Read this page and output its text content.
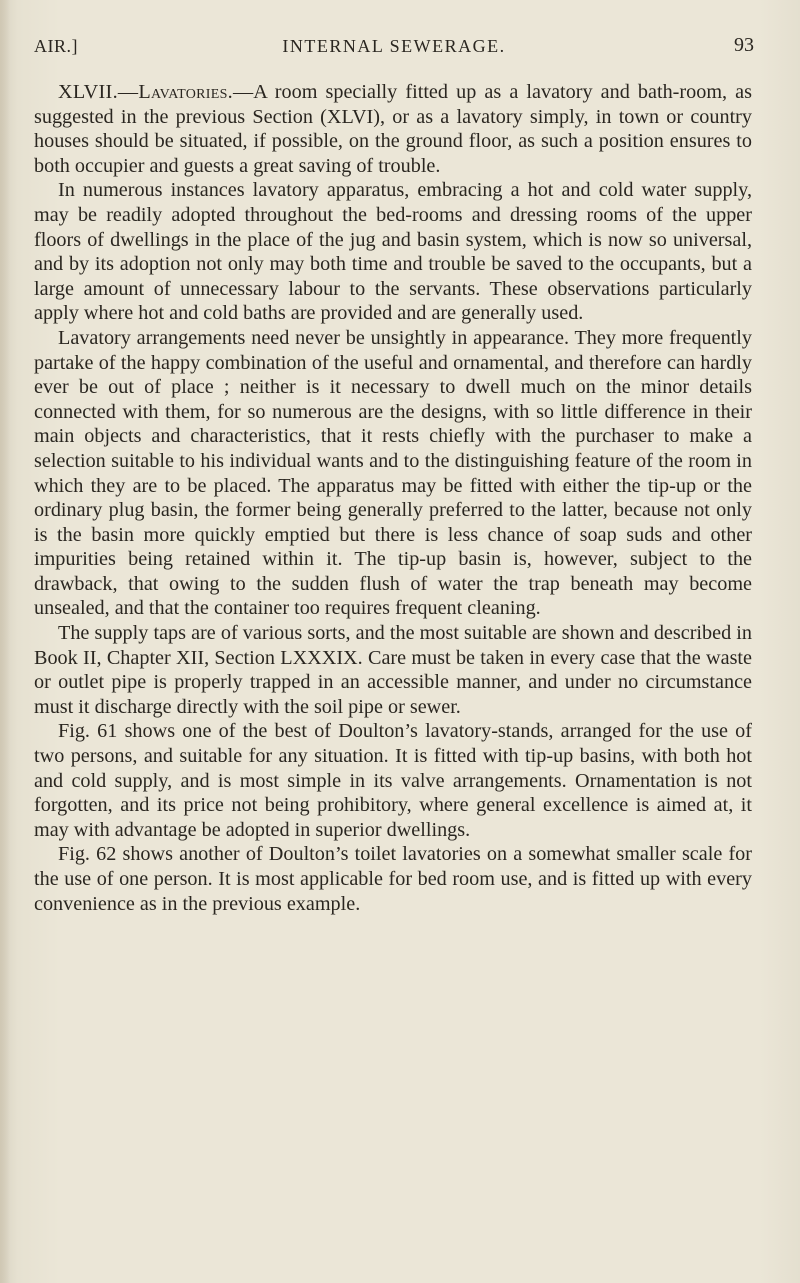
AIR.]	INTERNAL SEWERAGE.	93

XLVII.—Lavatories.—A room specially fitted up as a lavatory and bath-room, as suggested in the previous Section (XLVI), or as a lavatory simply, in town or country houses should be situated, if possible, on the ground floor, as such a position ensures to both occupier and guests a great saving of trouble.

In numerous instances lavatory apparatus, embracing a hot and cold water supply, may be readily adopted throughout the bed-rooms and dressing rooms of the upper floors of dwellings in the place of the jug and basin system, which is now so universal, and by its adoption not only may both time and trouble be saved to the occupants, but a large amount of unnecessary labour to the servants. These observations particularly apply where hot and cold baths are provided and are generally used.

Lavatory arrangements need never be unsightly in appearance. They more frequently partake of the happy combination of the useful and ornamental, and therefore can hardly ever be out of place ; neither is it necessary to dwell much on the minor details connected with them, for so numerous are the designs, with so little difference in their main objects and characteristics, that it rests chiefly with the purchaser to make a selection suitable to his individual wants and to the distinguishing feature of the room in which they are to be placed. The apparatus may be fitted with either the tip-up or the ordinary plug basin, the former being generally preferred to the latter, because not only is the basin more quickly emptied but there is less chance of soap suds and other impurities being retained within it. The tip-up basin is, however, subject to the drawback, that owing to the sudden flush of water the trap beneath may become unsealed, and that the container too requires frequent cleaning.

The supply taps are of various sorts, and the most suitable are shown and described in Book II, Chapter XII, Section LXXXIX. Care must be taken in every case that the waste or outlet pipe is properly trapped in an accessible manner, and under no circumstance must it discharge directly with the soil pipe or sewer.

Fig. 61 shows one of the best of Doulton’s lavatory-stands, arranged for the use of two persons, and suitable for any situation. It is fitted with tip-up basins, with both hot and cold supply, and is most simple in its valve arrangements. Ornamentation is not forgotten, and its price not being prohibitory, where general excellence is aimed at, it may with advantage be adopted in superior dwellings.

Fig. 62 shows another of Doulton’s toilet lavatories on a somewhat smaller scale for the use of one person. It is most applicable for bed room use, and is fitted up with every convenience as in the previous example.
